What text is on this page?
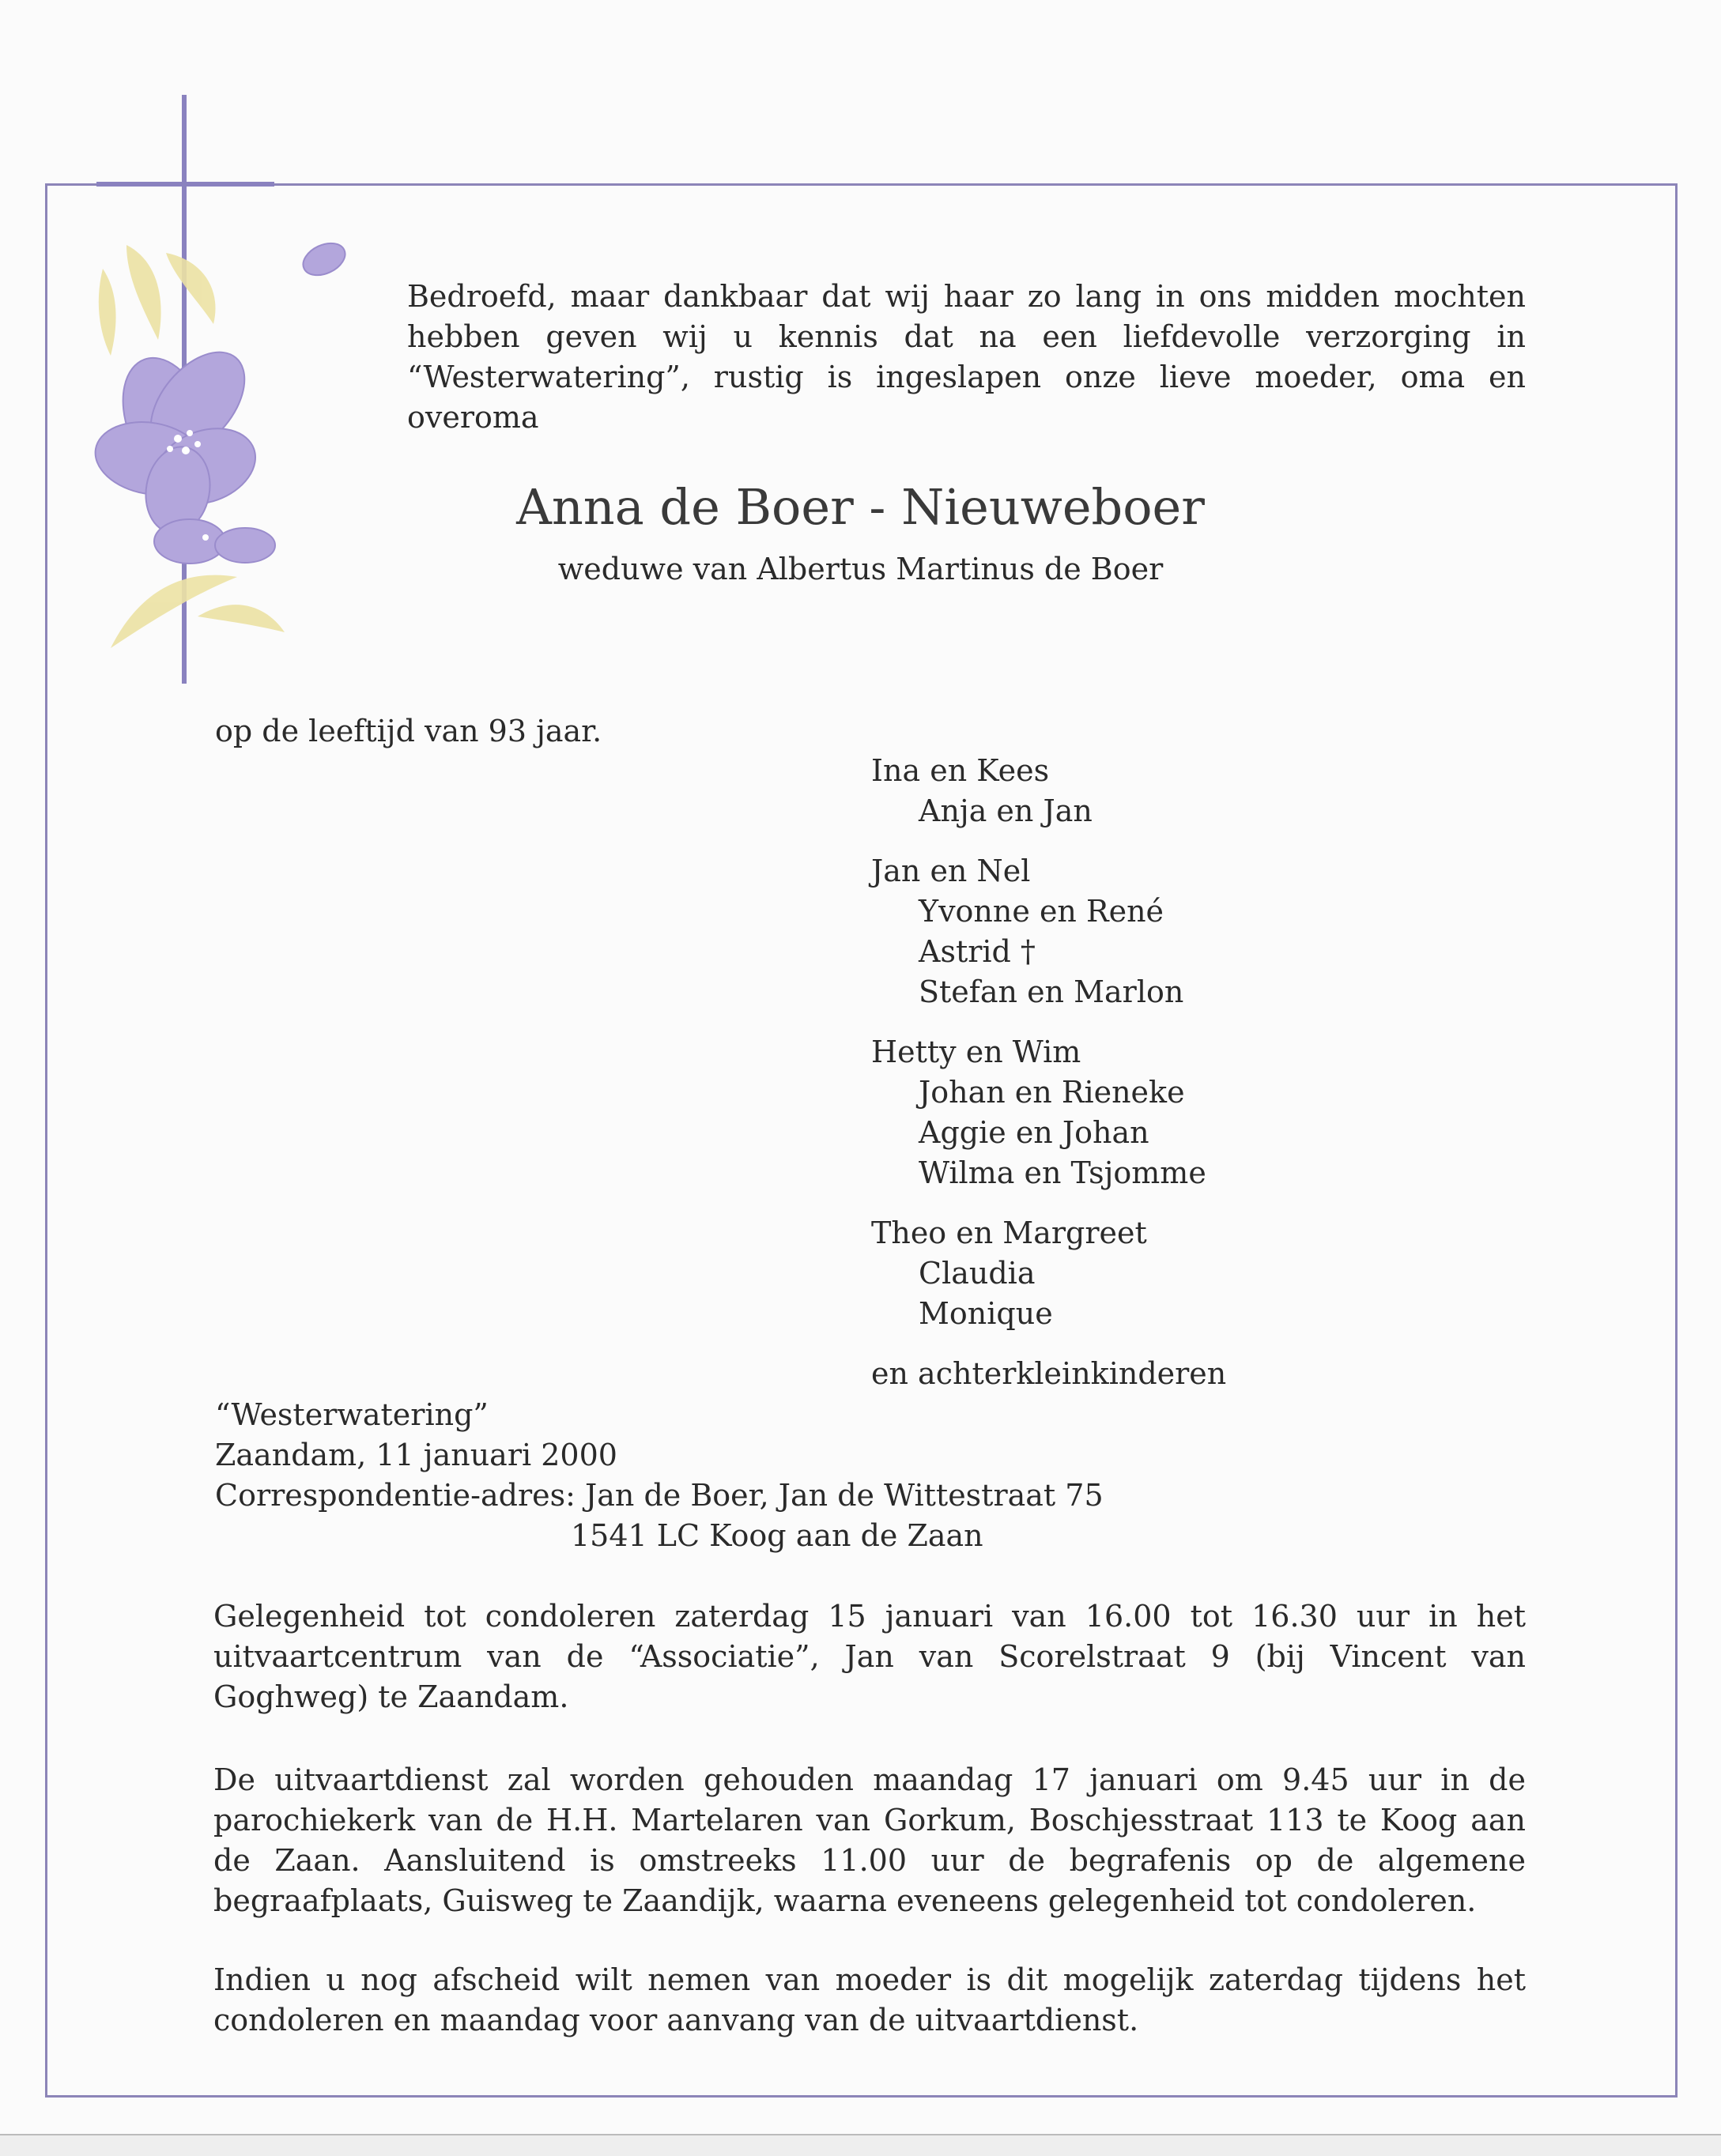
Bedroefd, maar dankbaar dat wij haar zo lang in ons midden mochten hebben geven wij u kennis dat na een liefdevolle verzorging in “Westerwatering”, rustig is ingeslapen onze lieve moeder, oma en overoma
Anna de Boer - Nieuweboer
weduwe van Albertus Martinus de Boer
op de leeftijd van 93 jaar.
Ina en Kees
Anja en Jan
Jan en Nel
Yvonne en René
Astrid †
Stefan en Marlon
Hetty en Wim
Johan en Rieneke
Aggie en Johan
Wilma en Tsjomme
Theo en Margreet
Claudia
Monique
en achterkleinkinderen
“Westerwatering”
Zaandam, 11 januari 2000
Correspondentie-adres: Jan de Boer, Jan de Wittestraat 75
1541 LC Koog aan de Zaan
Gelegenheid tot condoleren zaterdag 15 januari van 16.00 tot 16.30 uur in het uitvaartcentrum van de “Associatie”, Jan van Scorelstraat 9 (bij Vincent van Goghweg) te Zaandam.
De uitvaartdienst zal worden gehouden maandag 17 januari om 9.45 uur in de parochiekerk van de H.H. Martelaren van Gorkum, Boschjesstraat 113 te Koog aan de Zaan. Aansluitend is omstreeks 11.00 uur de begrafenis op de algemene begraafplaats, Guisweg te Zaandijk, waarna eveneens gelegenheid tot condoleren.
Indien u nog afscheid wilt nemen van moeder is dit mogelijk zaterdag tijdens het condoleren en maandag voor aanvang van de uitvaartdienst.
